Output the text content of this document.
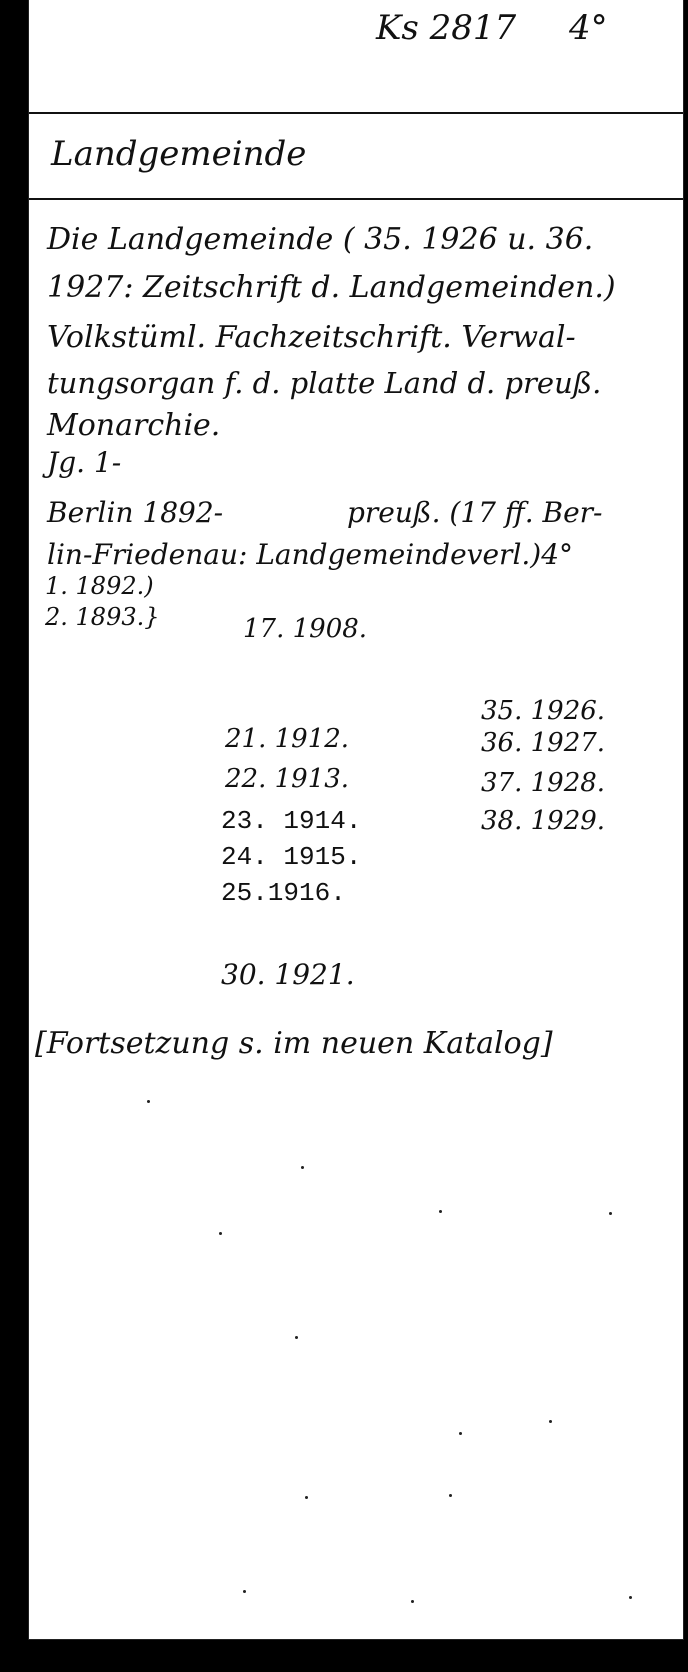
Ks 2817 4°
Landgemeinde
Die Landgemeinde ( 35. 1926 u. 36.
1927: Zeitschrift d. Landgemeinden.)
Volkstüml. Fachzeitschrift. Verwal-
tungsorgan f. d. platte Land d. preuß.
Monarchie.
Jg. 1-
Berlin 1892-	preuß. (17 ff. Ber-
lin-Friedenau: Landgemeindeverl.)4°
1. 1892.)
2. 1893.}	17. 1908.
35. 1926.
21. 1912.	36. 1927.
22. 1913.	37. 1928.
23. 1914.	38. 1929.
24. 1915.
25.1916.
30. 1921.
[Fortsetzung s. im neuen Katalog]
